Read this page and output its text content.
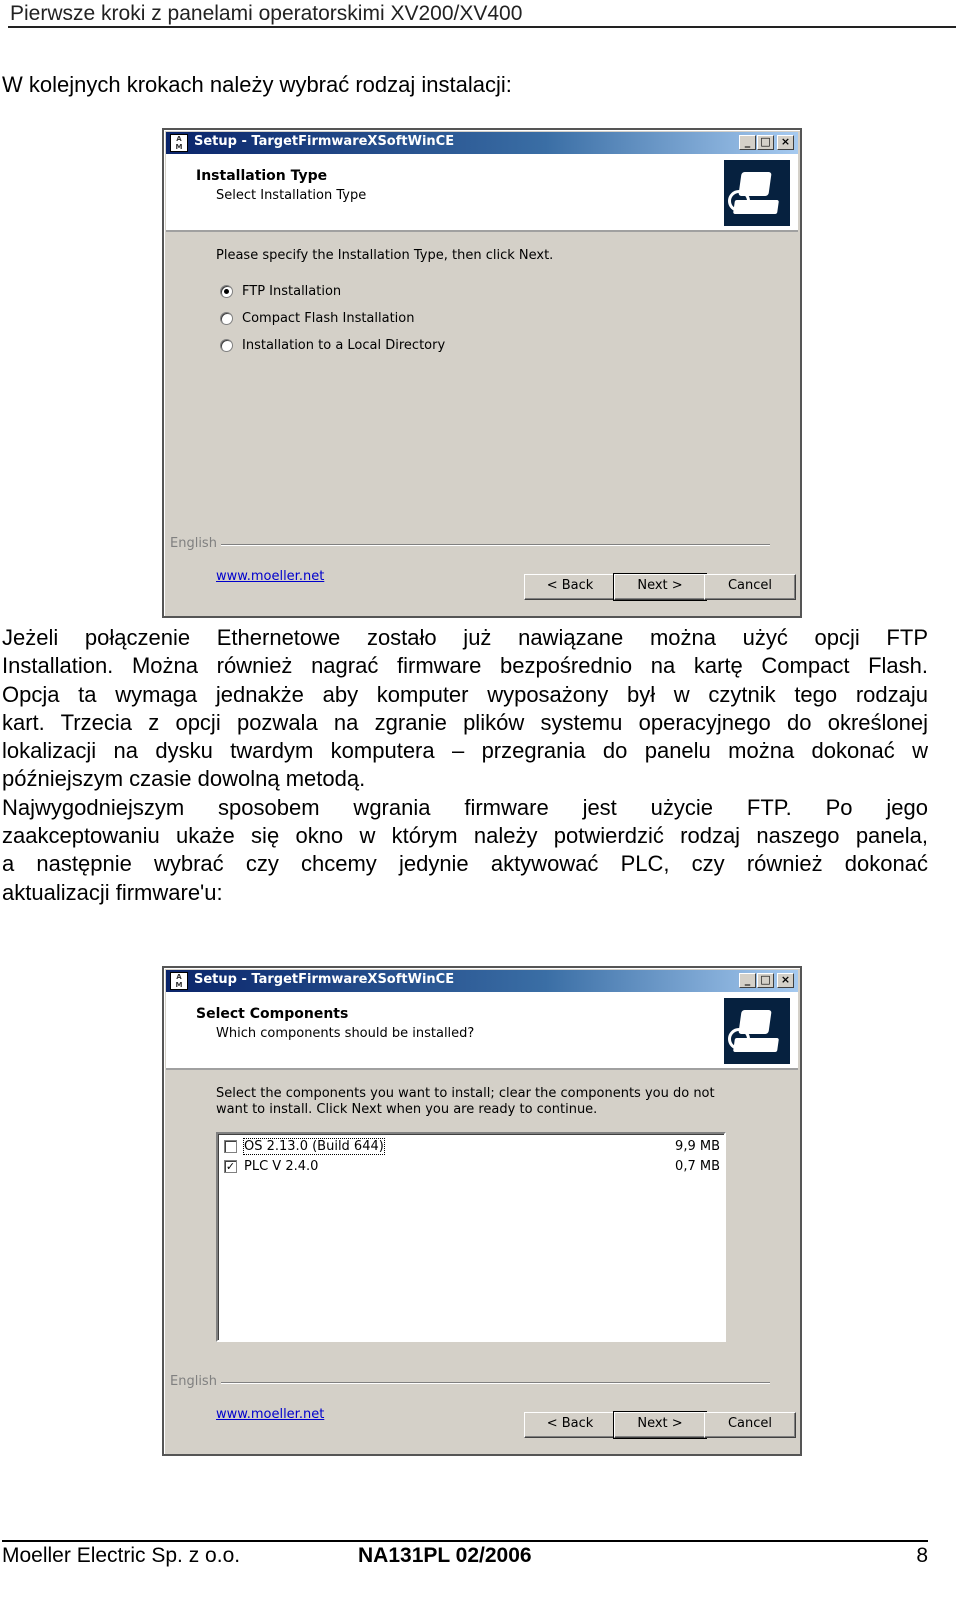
Pierwsze kroki z panelami operatorskimi XV200/XV400
W kolejnych krokach należy wybrać rodzaj instalacji:
A
M Setup - TargetFirmwareXSoftWinCE	_ □ ×
Installation Type
Select Installation Type
Please specify the Installation Type, then click Next.
FTP Installation
Compact Flash Installation
Installation to a Local Directory
English
www.moeller.net
< Back	Next >	Cancel
Jeżeli połączenie Ethernetowe zostało już nawiązane można użyć opcji FTP
Installation. Można również nagrać firmware bezpośrednio na kartę Compact Flash.
Opcja ta wymaga jednakże aby komputer wyposażony był w czytnik tego rodzaju
kart. Trzecia z opcji pozwala na zgranie plików systemu operacyjnego do określonej
lokalizacji na dysku twardym komputera – przegrania do panelu można dokonać w
późniejszym czasie dowolną metodą.
Najwygodniejszym sposobem wgrania firmware jest użycie FTP. Po jego
zaakceptowaniu ukaże się okno w którym należy potwierdzić rodzaj naszego panela,
a następnie wybrać czy chcemy jedynie aktywować PLC, czy również dokonać
aktualizacji firmware'u:
A
M Setup - TargetFirmwareXSoftWinCE	_ □ ×
Select Components
Which components should be installed?
Select the components you want to install; clear the components you do not want to install. Click Next when you are ready to continue.
OS 2.13.0 (Build 644)	9,9 MB
✓ PLC V 2.4.0	0,7 MB
English
www.moeller.net
< Back	Next >	Cancel
Moeller Electric Sp. z o.o.	NA131PL 02/2006	8
